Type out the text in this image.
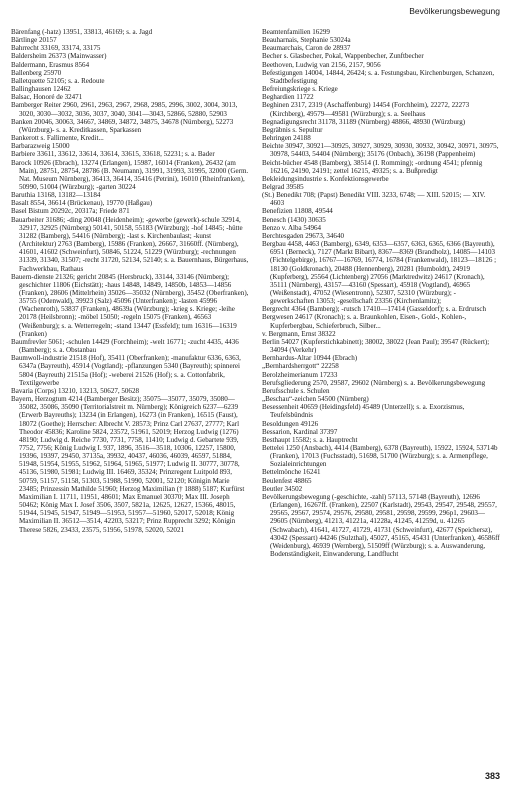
Bevölkerungsbewegung

Bärenfang (-hatz) 13951, 33813, 46169; s. a. Jagd

Bärtlinge 20157

Bahrrecht 33169, 33174, 33175

Baldersheim 26373 (Mainwasser)

Baldermann, Erasmus 8564

Ballenberg 25970

Balletquette 52105; s. a. Redoute

Ballinghausen 12462

Balsac, Honoré de 32471

Bamberger Reiter 2960, 2961, 2963, 2967, 2968, 2985, 2996, 3002, 3004, 3013, 3020, 3030—3032, 3036, 3037, 3040, 3041—3043, 52866, 52880, 52903

Banken 20046, 30063, 34667, 34869, 34872, 34875, 34678 (Nürnberg), 52273 (Würzburg)- s. a. Kreditkassen, Sparkassen

Bankerott s. Fallimente, Kredit...

Barbarazweig 15000

Barbiere 33611, 33612, 33614, 33614, 33615, 33618, 52231; s. a. Bader

Barock 10926 (Ebrach), 13274 (Erlangen), 15987, 16014 (Franken), 26432 (am Main), 28751, 28754, 28786 (B. Neumann), 31991, 31993, 31995, 32000 (Germ. Nat. Museum Nürnberg), 36413, 36414, 35416 (Petrini), 16010 (Rheinfranken), 50990, 51004 (Würzburg); -garten 30224

Baruthia 13168, 13182—13184

Basalt 8554, 36614 (Brückenau), 19770 (Haßgau)

Basel Bistum 20292c, 20317a; Friede 871

Bauarbeiter 31686; -ding 20048 (Heidenheim); -gewerbe (gewerk)-schule 32914, 32917, 32925 (Nürnberg) 50141, 50158, 55183 (Würzburg); -hof 14845; -hütte 31282 (Bamberg), 54416 (Nürnberg); -last s. Kirchenbaulast; -kunst (Architektur) 2763 (Bamberg), 15986 (Franken), 26667, 31660ff. (Nürnberg), 41601, 41602 (Schweinfurt), 50846, 51224, 51229 (Würzburg); -rechnungen 31339, 31340, 31507; -recht 31720, 52134, 52140; s. a. Bauernhaus, Bürgerhaus, Fachwerkbau, Rathaus

Bauern-dienste 21326; gericht 20845 (Hersbruck), 33144, 33146 (Nürnberg); geschichter 11806 (Eichstätt); -haus 14848, 14849, 14850b, 14853—14856 (Franken), 28606 (Mittelrhein) 35026—35032 (Nürnberg), 35452 (Oberfranken), 35755 (Odenwald), 39923 (Salz) 45096 (Unterfranken); -lasten 45996 (Wachenroth), 53837 (Franken), 48639a (Würzburg); -krieg s. Kriege; -leihe 20178 (Heilsbronn); -möbel 15050; -regeln 15075 (Franken), 46563 (Weißenburg); s. a. Wetterregeln; -stand 13447 (Essfeld); tum 16316—16319 (Franken)

Baumfrevler 5061; -schulen 14429 (Forchheim); -welt 16771; -zucht 4435, 4436 (Bamberg); s. a. Obstanbau

Baumwoll-industrie 21518 (Hof), 35411 (Oberfranken); -manufaktur 6336, 6363, 6347a (Bayreuth), 45914 (Vogtland); -pflanzungen 5340 (Bayreuth); spinnerei 5804 (Bayreuth) 21515a (Hof); -weberei 21526 (Hof); s. a. Cottonfabrik, Textilgewerbe

Bavaria (Corps) 13210, 13213, 50627, 50628

Bayern, Herzogtum 4214 (Bamberger Besitz); 35075—35077, 35079, 35080—35082, 35086, 35090 (Territorialstreit m. Nürnberg); Königreich 6237—6239 (Erwerb Bayreuths); 13234 (in Erlangen), 16273 (in Franken), 16515 (Faust), 18072 (Goethe); Herrscher: Albrecht V. 28573; Prinz Carl 27637, 27777; Karl Theodor 45836; Karoline 5824, 23572, 51961, 52019; Herzog Ludwig (1276) 48190; Ludwig d. Reiche 7730, 7731, 7758, 11410; Ludwig d. Gebartete 939, 7752, 7756; König Ludwig I. 937, 1896, 3516—3518, 10306, 12257, 15800, 19396, 19397, 29450, 37135a, 39932, 40437, 46036, 46039, 46597, 51884, 51948, 51954, 51955, 51962, 51964, 51965, 51977; Ludwig II. 30777, 30778, 45136, 51980, 51981; Ludwig III. 16469, 35324; Prinzregent Luitpold 893, 50759, 51157, 51158, 51303, 51988, 51990, 52001, 52120; Königin Marie 23485; Prinzessin Mathilde 51960; Herzog Maximilian († 1888) 5187; Kurfürst Maximilian I. 11711, 11951, 48601; Max Emanuel 30370; Max III. Joseph 50462; König Max I. Josef 3506, 3507, 5821a, 12625, 12627, 15366, 48015, 51944, 51945, 51947, 51949—51953, 51957—51960, 52017, 52018; König Maximilian II. 36512—3514, 42203, 53217; Prinz Rupprecht 3292; Königin Therese 5826, 23433, 23575, 51956, 51978, 52020, 52021

Beamtenfamilien 16299

Beauharnais, Stephanie 53024a

Beaumarchais, Caron de 28937

Becher s. Glasbecher, Pokal, Wappenbecher, Zunftbecher

Beethoven, Ludwig van 2156, 2157, 9056

Befestigungen 14004, 14844, 26424; s. a. Festungsbau, Kirchenburgen, Schanzen, Stadtbefestigung

Befreiungskriege s. Kriege

Beghardien 11722

Beghinen 2317, 2319 (Aschaffenburg) 14454 (Forchheim), 22272, 22273 (Kirchberg), 49579—49581 (Würzburg); s. a. Seelhaus

Begnadigungsrecht 31178, 31189 (Nürnberg) 48866, 48930 (Würzburg)

Begräbnis s. Sepultur

Behringen 24188

Beichte 30947, 30921—30925, 30927, 30929, 30930, 30932, 30942, 30971, 30975, 30978, 54403, 54404 (Nürnberg); 35176 (Onbach), 36198 (Pappenheim)

Beicht-bücher 4548 (Bamberg), 38514 (I. Romming); -ordnung 4541; pfennig 16216, 24190, 24191; zettel 16215, 49325; s. a. Bußpredigt

Bekleidungsindustrie s. Konfektionsgewerbe

Belgrad 39585

(St.) Benedikt 708; (Papst) Benedikt VIII. 3233, 6748; — XIII. 52015; — XIV. 4603

Benefizien 11808, 49544

Benesch (1430) 30635

Benzo v. Alba 54964

Berchtesgaden 29673, 34640

Bergbau 4458, 4463 (Bamberg), 6349, 6353—6357, 6363, 6365, 6366 (Bayreuth), 6951 (Berneck), 7127 (Markt Bibart), 8367—8369 (Brandholz), 14085—14103 (Fichtelgebirge), 16767—16769, 16774, 16784 (Frankenwald), 18123—18126 ; 18130 (Goldkronach), 20488 (Hennenberg), 20281 (Humboldt), 24919 (Kupferberg), 25564 (Lichtenberg) 27056 (Marktredwitz) 24617 (Kronach), 35111 (Nürnberg), 43157—43160 (Spessart), 45918 (Vogtland), 46965 (Weißenstadt), 47052 (Wiesentronn), 52307, 52310 (Würzburg); -gewerkschaften 13053; -gesellschaft 23356 (Kirchenlamitz);

Bergrecht 4364 (Bamberg); -rutsch 17410—17414 (Gasseldorf); s. a. Erdrutsch

Bergwesen 24617 (Kronach); s. a. Braunkohlen, Eisen-, Gold-, Kohlen-, Kupferbergbau, Schieferbruch, Silber...

v. Bergmann, Ernst 38322

Berlin 54027 (Kupferstichkabinett); 38002, 38022 (Jean Paul); 39547 (Rückert); 34094 (Verkehr)

Bernhardus-Altar 10944 (Ebrach)

„Bernhardsherrgott“ 22258

Berolzheimerianum 17233

Berufsgliederung 2570, 29587, 29602 (Nürnberg) s. a. Bevölkerungsbewegung

Berufsschule s. Schulen

„Beschau“-zeichen 54500 (Nürnberg)

Besessenheit 40659 (Heidingsfeld) 45489 (Unterzell); s. a. Exorzismus, Teufelsbündnis

Besoldungen 49126

Bessarion, Kardinal 37397

Besthaupt 15582; s. a. Hauptrecht

Bettelei 1250 (Ansbach), 4414 (Bamberg), 6378 (Bayreuth), 15922, 15924, 53714b (Franken), 17013 (Fuchsstadt), 51698, 51700 (Würzburg); s. a. Armenpflege, Sozialeinrichtungen

Bettelmönche 16241

Beulenfest 48865

Beutler 34502

Bevölkerungsbewegung (-geschichte, -zahl) 57113, 57148 (Bayreuth), 12696 (Erlangen), 16267ff. (Franken), 22507 (Karlstadt), 29543, 29547, 29548, 29557, 29565, 29567, 29574, 29576, 29580, 29581, 29598, 29599, 296p1, 29603—29605 (Nürnberg), 41213, 41221a, 41228a, 41245, 41259d, u. 41265 (Schwabach), 41641, 41727, 41729, 41731 (Schweinfurt), 42677 (Speichersz), 43042 (Spessart) 44246 (Sulzthal), 45027, 45165, 45431 (Unterfranken), 46586ff (Weidenburg), 46939 (Wernberg), 51509ff (Würzburg); s. a. Auswanderung, Bodenständigkeit, Einwanderung, Landflucht

383
